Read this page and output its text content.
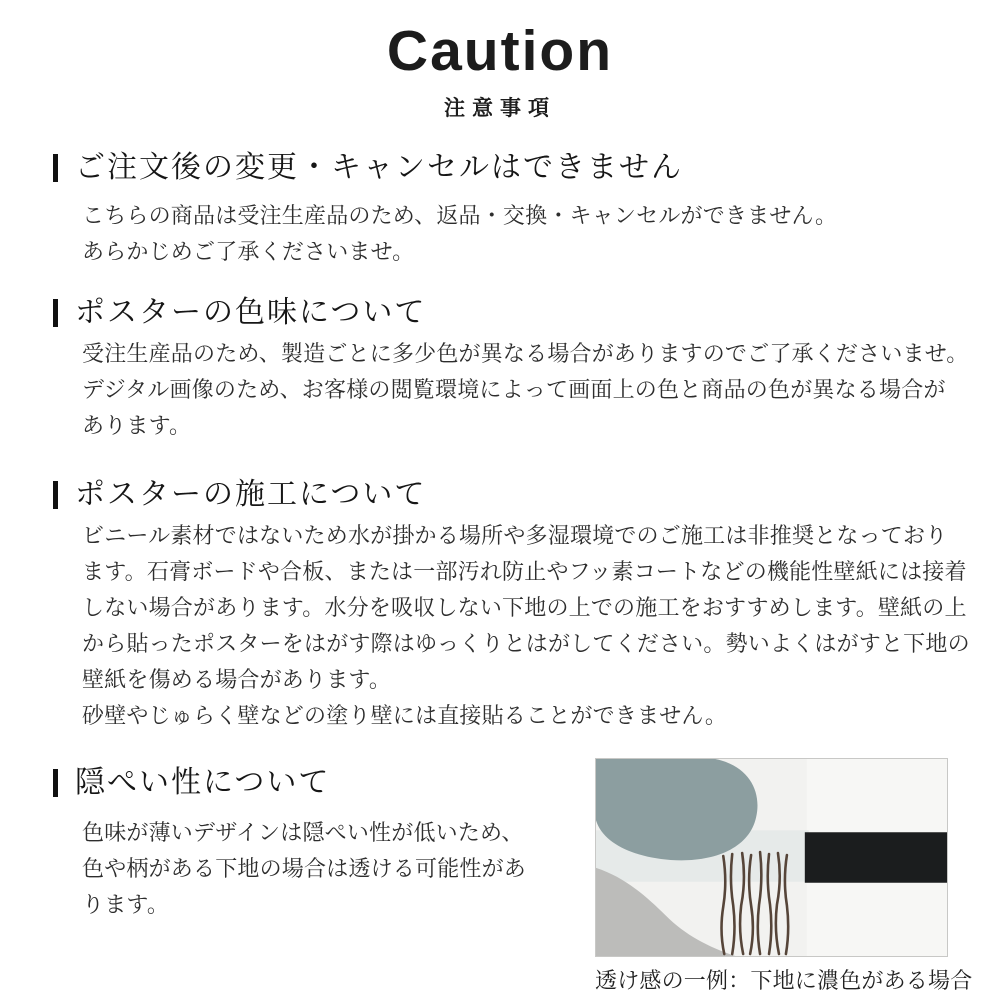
Caution
注意事項
ご注文後の変更・キャンセルはできません
こちらの商品は受注生産品のため、返品・交換・キャンセルができません。
あらかじめご了承くださいませ。
ポスターの色味について
受注生産品のため、製造ごとに多少色が異なる場合がありますのでご了承くださいませ。
デジタル画像のため、お客様の閲覧環境によって画面上の色と商品の色が異なる場合が
あります。
ポスターの施工について
ビニール素材ではないため水が掛かる場所や多湿環境でのご施工は非推奨となっており
ます。石膏ボードや合板、または一部汚れ防止やフッ素コートなどの機能性壁紙には接着
しない場合があります。水分を吸収しない下地の上での施工をおすすめします。壁紙の上
から貼ったポスターをはがす際はゆっくりとはがしてください。勢いよくはがすと下地の
壁紙を傷める場合があります。
砂壁やじゅらく壁などの塗り壁には直接貼ることができません。
隠ぺい性について
色味が薄いデザインは隠ぺい性が低いため、
色や柄がある下地の場合は透ける可能性があ
ります。
透け感の一例：下地に濃色がある場合
